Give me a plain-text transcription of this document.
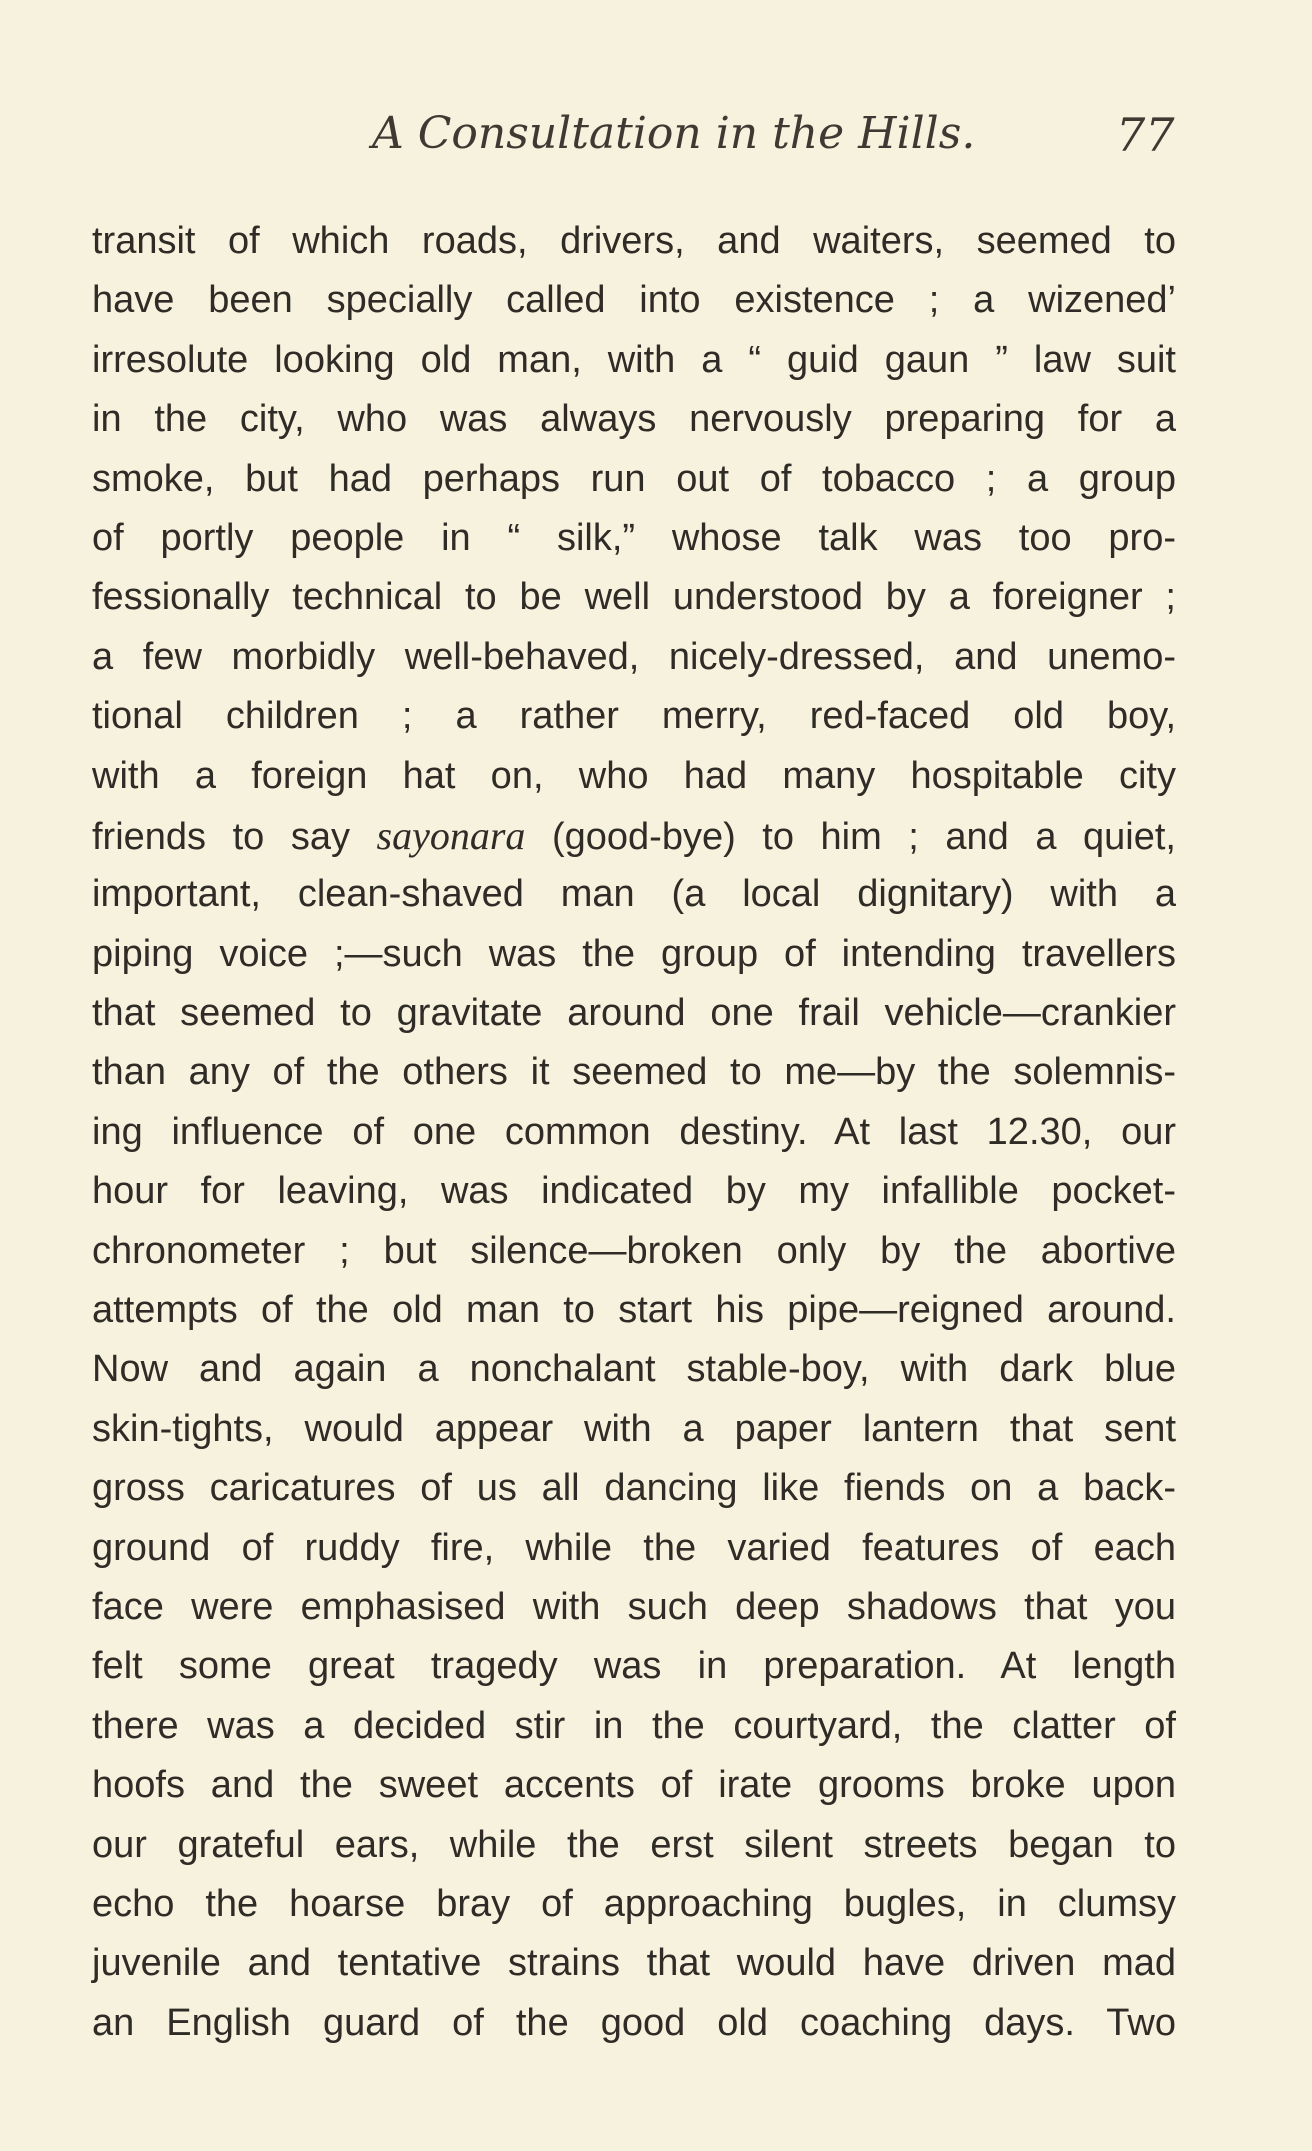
A Consultation in the Hills.	77
transit of which roads, drivers, and waiters, seemed to
have been specially called into existence ; a wizened’
irresolute looking old man, with a “ guid gaun ” law suit
in the city, who was always nervously preparing for a
smoke, but had perhaps run out of tobacco ; a group
of portly people in “ silk,” whose talk was too pro-
fessionally technical to be well understood by a foreigner ;
a few morbidly well-behaved, nicely-dressed, and unemo-
tional children ; a rather merry, red-faced old boy,
with a foreign hat on, who had many hospitable city
friends to say sayonara (good-bye) to him ; and a quiet,
important, clean-shaved man (a local dignitary) with a
piping voice ;—such was the group of intending travellers
that seemed to gravitate around one frail vehicle—crankier
than any of the others it seemed to me—by the solemnis-
ing influence of one common destiny. At last 12.30, our
hour for leaving, was indicated by my infallible pocket-
chronometer ; but silence—broken only by the abortive
attempts of the old man to start his pipe—reigned around.
Now and again a nonchalant stable-boy, with dark blue
skin-tights, would appear with a paper lantern that sent
gross caricatures of us all dancing like fiends on a back-
ground of ruddy fire, while the varied features of each
face were emphasised with such deep shadows that you
felt some great tragedy was in preparation. At length
there was a decided stir in the courtyard, the clatter of
hoofs and the sweet accents of irate grooms broke upon
our grateful ears, while the erst silent streets began to
echo the hoarse bray of approaching bugles, in clumsy
juvenile and tentative strains that would have driven mad
an English guard of the good old coaching days. Two
